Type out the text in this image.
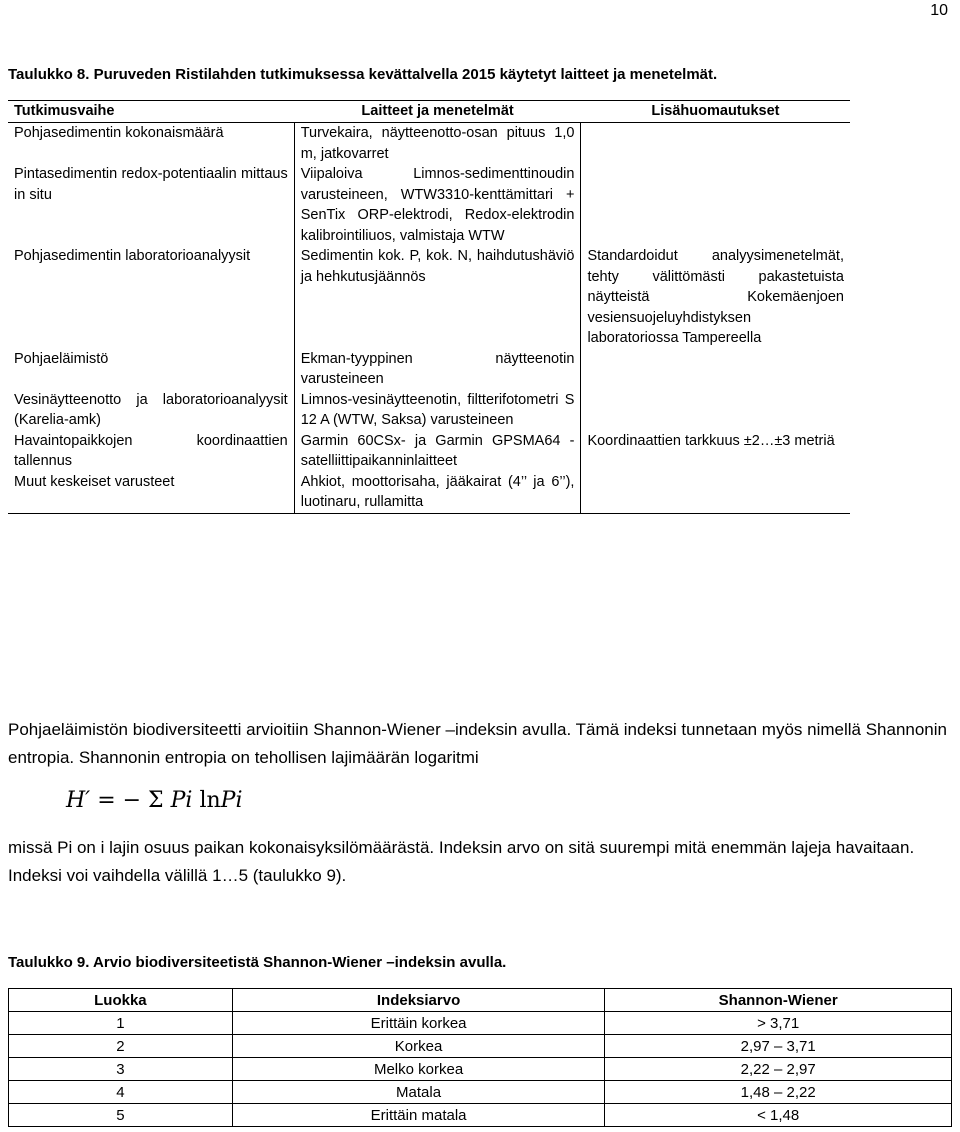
10
Taulukko 8. Puruveden Ristilahden tutkimuksessa kevättalvella 2015 käytetyt laitteet ja menetelmät.
Tutkimusvaihe	Laitteet ja menetelmät	Lisähuomautukset
Pohjasedimentin kokonaismäärä	Turvekaira, näytteenotto-osan pituus 1,0 m, jatkovarret	
Pintasedimentin redox-potentiaalin mittaus in situ	Viipaloiva Limnos-sedimenttinoudin varusteineen, WTW3310-kenttämittari + SenTix ORP-elektrodi, Redox-elektrodin kalibrointiliuos, valmistaja WTW	
Pohjasedimentin laboratorioanalyysit	Sedimentin kok. P, kok. N, haihdutushäviö ja hehkutusjäännös	Standardoidut analyysimenetelmät, tehty välittömästi pakastetuista näytteistä Kokemäenjoen vesiensuojeluyhdistyksen laboratoriossa Tampereella
Pohjaeläimistö	Ekman-tyyppinen näytteenotin varusteineen	
Vesinäytteenotto ja laboratorioanalyysit (Karelia-amk)	Limnos-vesinäytteenotin, filtterifotometri S 12 A (WTW, Saksa) varusteineen	
Havaintopaikkojen koordinaattien tallennus	Garmin 60CSx- ja Garmin GPSMA64 - satelliittipaikanninlaitteet	Koordinaattien tarkkuus ±2…±3 metriä
Muut keskeiset varusteet	Ahkiot, moottorisaha, jääkairat (4’’ ja 6’’), luotinaru, rullamitta	
Pohjaeläimistön biodiversiteetti arvioitiin Shannon-Wiener –indeksin avulla. Tämä indeksi tunnetaan myös nimellä Shannonin entropia. Shannonin entropia on tehollisen lajimäärän logaritmi
H′ = − Σ Pi lnPi
missä Pi on i lajin osuus paikan kokonaisyksilömäärästä. Indeksin arvo on sitä suurempi mitä enemmän lajeja havaitaan. Indeksi voi vaihdella välillä 1…5 (taulukko 9).
Taulukko 9. Arvio biodiversiteetistä Shannon-Wiener –indeksin avulla.
Luokka	Indeksiarvo	Shannon-Wiener
1	Erittäin korkea	> 3,71
2	Korkea	2,97 – 3,71
3	Melko korkea	2,22 – 2,97
4	Matala	1,48 – 2,22
5	Erittäin matala	< 1,48
